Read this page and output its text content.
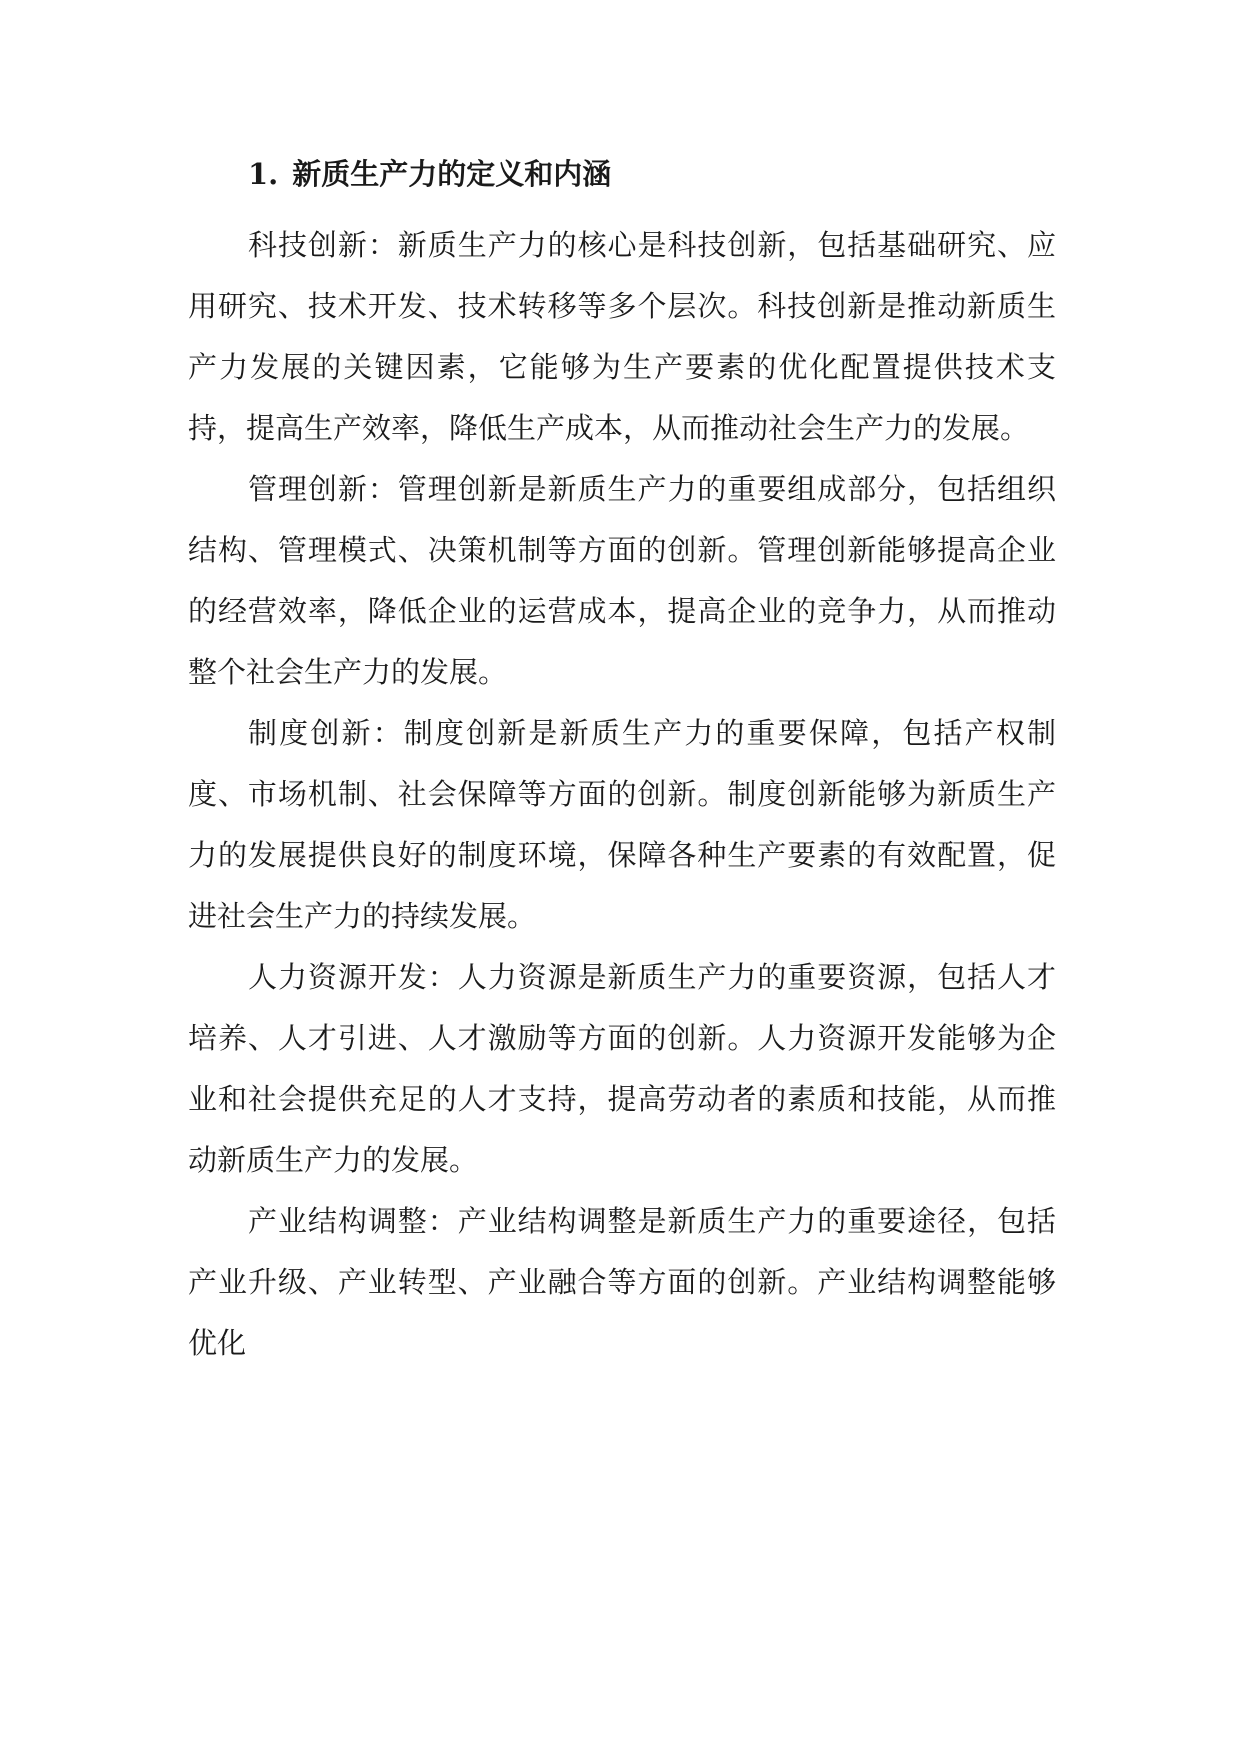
1. 新质生产力的定义和内涵

科技创新：新质生产力的核心是科技创新，包括基础研究、应用研究、技术开发、技术转移等多个层次。科技创新是推动新质生产力发展的关键因素，它能够为生产要素的优化配置提供技术支持，提高生产效率，降低生产成本，从而推动社会生产力的发展。

管理创新：管理创新是新质生产力的重要组成部分，包括组织结构、管理模式、决策机制等方面的创新。管理创新能够提高企业的经营效率，降低企业的运营成本，提高企业的竞争力，从而推动整个社会生产力的发展。

制度创新：制度创新是新质生产力的重要保障，包括产权制度、市场机制、社会保障等方面的创新。制度创新能够为新质生产力的发展提供良好的制度环境，保障各种生产要素的有效配置，促进社会生产力的持续发展。

人力资源开发：人力资源是新质生产力的重要资源，包括人才培养、人才引进、人才激励等方面的创新。人力资源开发能够为企业和社会提供充足的人才支持，提高劳动者的素质和技能，从而推动新质生产力的发展。

产业结构调整：产业结构调整是新质生产力的重要途径，包括产业升级、产业转型、产业融合等方面的创新。产业结构调整能够优化
